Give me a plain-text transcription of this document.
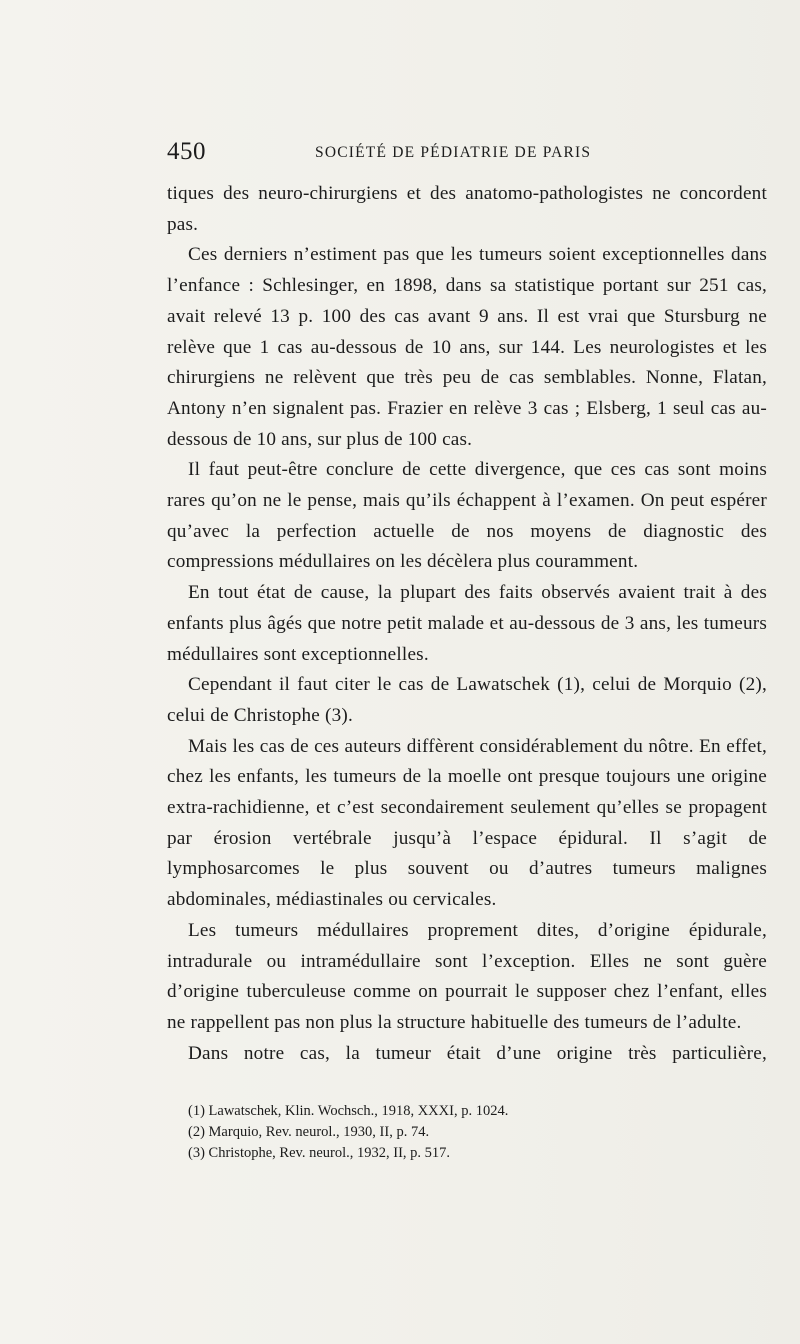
450	SOCIÉTÉ DE PÉDIATRIE DE PARIS

tiques des neuro-chirurgiens et des anatomo-pathologistes ne concordent pas.

Ces derniers n’estiment pas que les tumeurs soient exceptionnelles dans l’enfance : Schlesinger, en 1898, dans sa statistique portant sur 251 cas, avait relevé 13 p. 100 des cas avant 9 ans. Il est vrai que Stursburg ne relève que 1 cas au-dessous de 10 ans, sur 144. Les neurologistes et les chirurgiens ne relèvent que très peu de cas semblables. Nonne, Flatan, Antony n’en signalent pas. Frazier en relève 3 cas ; Elsberg, 1 seul cas au-dessous de 10 ans, sur plus de 100 cas.

Il faut peut-être conclure de cette divergence, que ces cas sont moins rares qu’on ne le pense, mais qu’ils échappent à l’examen. On peut espérer qu’avec la perfection actuelle de nos moyens de diagnostic des compressions médullaires on les décèlera plus couramment.

En tout état de cause, la plupart des faits observés avaient trait à des enfants plus âgés que notre petit malade et au-dessous de 3 ans, les tumeurs médullaires sont exceptionnelles.

Cependant il faut citer le cas de Lawatschek (1), celui de Morquio (2), celui de Christophe (3).

Mais les cas de ces auteurs diffèrent considérablement du nôtre. En effet, chez les enfants, les tumeurs de la moelle ont presque toujours une origine extra-rachidienne, et c’est secondairement seulement qu’elles se propagent par érosion vertébrale jusqu’à l’espace épidural. Il s’agit de lymphosarcomes le plus souvent ou d’autres tumeurs malignes abdominales, médiastinales ou cervicales.

Les tumeurs médullaires proprement dites, d’origine épidurale, intradurale ou intramédullaire sont l’exception. Elles ne sont guère d’origine tuberculeuse comme on pourrait le supposer chez l’enfant, elles ne rappellent pas non plus la structure habituelle des tumeurs de l’adulte.

Dans notre cas, la tumeur était d’une origine très particulière,

(1) Lawatschek, Klin. Wochsch., 1918, XXXI, p. 1024.
(2) Marquio, Rev. neurol., 1930, II, p. 74.
(3) Christophe, Rev. neurol., 1932, II, p. 517.
